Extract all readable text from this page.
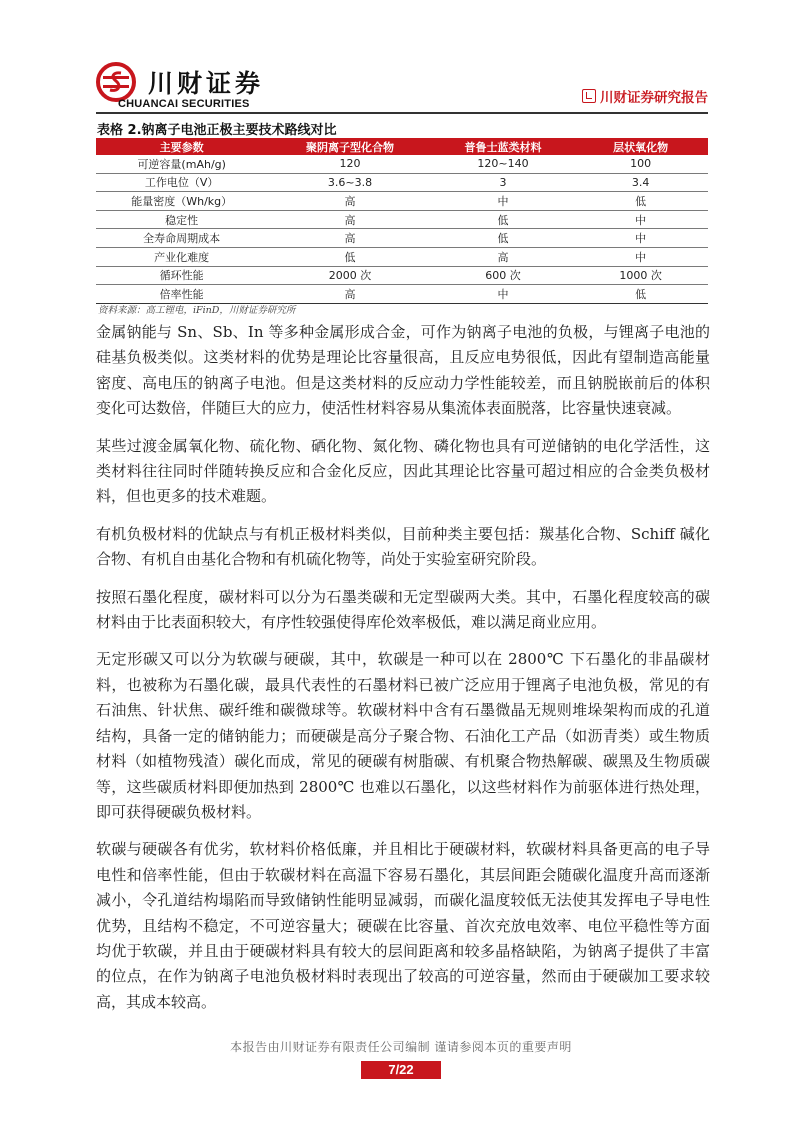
川财证券
CHUANCAI SECURITIES	川财证券研究报告
表格 2.钠离子电池正极主要技术路线对比
主要参数	聚阴离子型化合物	普鲁士蓝类材料	层状氧化物
可逆容量(mAh/g)	120	120~140	100
工作电位（V）	3.6~3.8	3	3.4
能量密度（Wh/kg）	高	中	低
稳定性	高	低	中
全寿命周期成本	高	低	中
产业化难度	低	高	中
循环性能	2000 次	600 次	1000 次
倍率性能	高	中	低
资料来源：高工锂电，iFinD，川财证券研究所

金属钠能与 Sn、Sb、In 等多种金属形成合金，可作为钠离子电池的负极，与锂离子电池的硅基负极类似。这类材料的优势是理论比容量很高，且反应电势很低，因此有望制造高能量密度、高电压的钠离子电池。但是这类材料的反应动力学性能较差，而且钠脱嵌前后的体积变化可达数倍，伴随巨大的应力，使活性材料容易从集流体表面脱落，比容量快速衰减。

某些过渡金属氧化物、硫化物、硒化物、氮化物、磷化物也具有可逆储钠的电化学活性，这类材料往往同时伴随转换反应和合金化反应，因此其理论比容量可超过相应的合金类负极材料，但也更多的技术难题。

有机负极材料的优缺点与有机正极材料类似，目前种类主要包括：羰基化合物、Schiff 碱化合物、有机自由基化合物和有机硫化物等，尚处于实验室研究阶段。

按照石墨化程度，碳材料可以分为石墨类碳和无定型碳两大类。其中，石墨化程度较高的碳材料由于比表面积较大，有序性较强使得库伦效率极低，难以满足商业应用。

无定形碳又可以分为软碳与硬碳，其中，软碳是一种可以在 2800℃ 下石墨化的非晶碳材料，也被称为石墨化碳，最具代表性的石墨材料已被广泛应用于锂离子电池负极，常见的有石油焦、针状焦、碳纤维和碳微球等。软碳材料中含有石墨微晶无规则堆垛架构而成的孔道结构，具备一定的储钠能力；而硬碳是高分子聚合物、石油化工产品（如沥青类）或生物质材料（如植物残渣）碳化而成，常见的硬碳有树脂碳、有机聚合物热解碳、碳黑及生物质碳等，这些碳质材料即便加热到 2800℃ 也难以石墨化，以这些材料作为前驱体进行热处理，即可获得硬碳负极材料。

软碳与硬碳各有优劣，软材料价格低廉，并且相比于硬碳材料，软碳材料具备更高的电子导电性和倍率性能，但由于软碳材料在高温下容易石墨化，其层间距会随碳化温度升高而逐渐减小，令孔道结构塌陷而导致储钠性能明显减弱，而碳化温度较低无法使其发挥电子导电性优势，且结构不稳定，不可逆容量大；硬碳在比容量、首次充放电效率、电位平稳性等方面均优于软碳，并且由于硬碳材料具有较大的层间距离和较多晶格缺陷，为钠离子提供了丰富的位点，在作为钠离子电池负极材料时表现出了较高的可逆容量，然而由于硬碳加工要求较高，其成本较高。

本报告由川财证券有限责任公司编制 谨请参阅本页的重要声明
7/22
